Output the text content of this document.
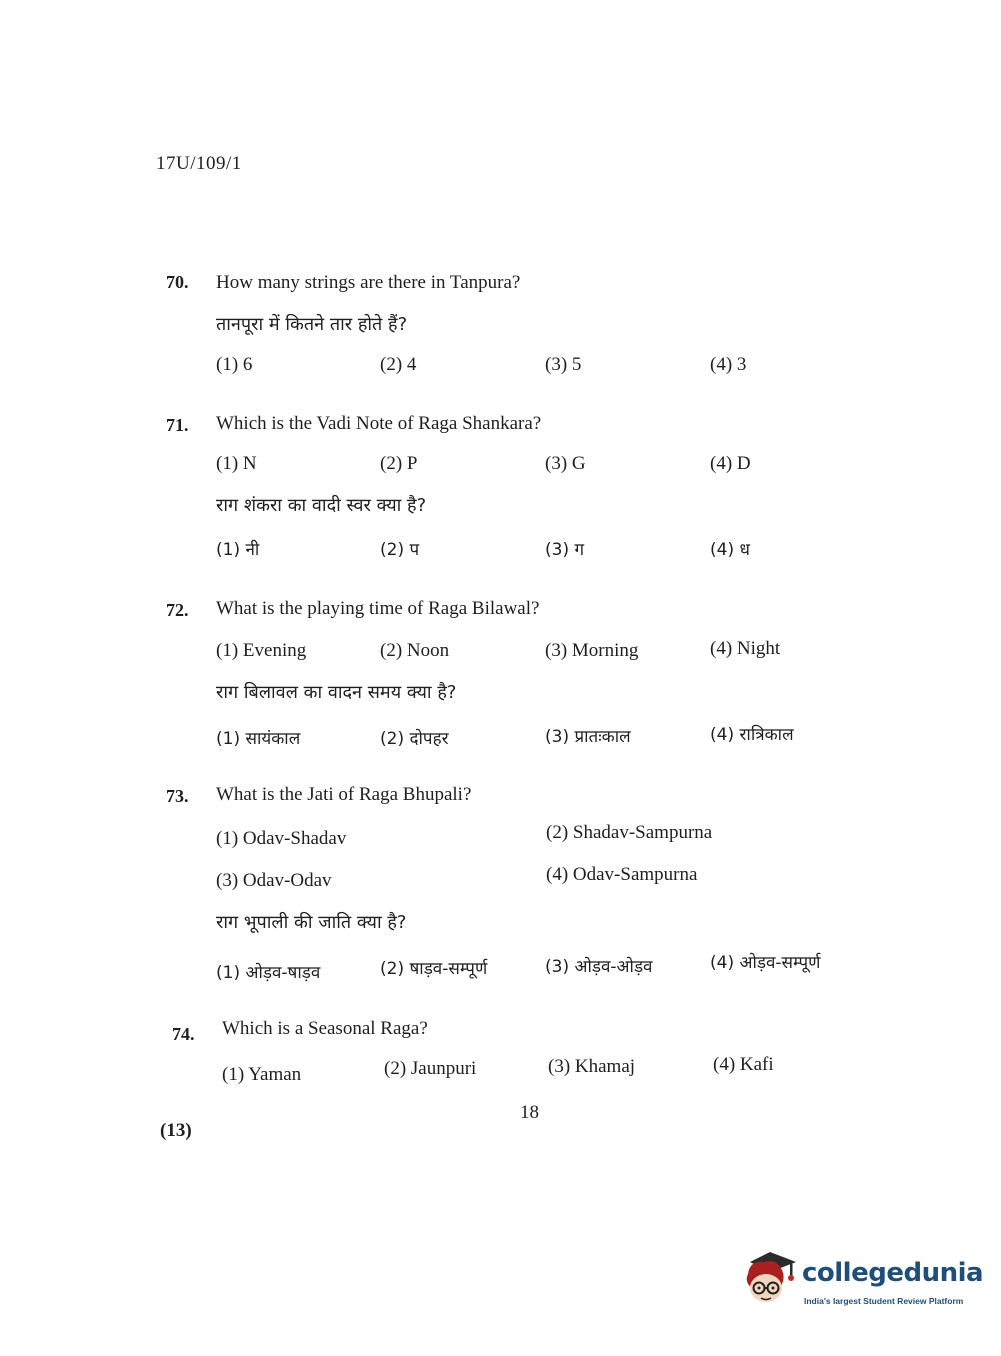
17U/109/1
70. How many strings are there in Tanpura?
तानपूरा में कितने तार होते हैं?
(1) 6	(2) 4	(3) 5	(4) 3
71. Which is the Vadi Note of Raga Shankara?
(1) N	(2) P	(3) G	(4) D
राग शंकरा का वादी स्वर क्या है?
(1) नी	(2) प	(3) ग	(4) ध
72. What is the playing time of Raga Bilawal?
(1) Evening	(2) Noon	(3) Morning	(4) Night
राग बिलावल का वादन समय क्या है?
(1) सायंकाल	(2) दोपहर	(3) प्रातःकाल	(4) रात्रिकाल
73. What is the Jati of Raga Bhupali?
(1) Odav-Shadav	(2) Shadav-Sampurna
(3) Odav-Odav	(4) Odav-Sampurna
राग भूपाली की जाति क्या है?
(1) ओड़व-षाड़व	(2) षाड़व-सम्पूर्ण	(3) ओड़व-ओड़व	(4) ओड़व-सम्पूर्ण
74. Which is a Seasonal Raga?
(1) Yaman	(2) Jaunpuri	(3) Khamaj	(4) Kafi
18
(13)
collegedunia
India's largest Student Review Platform
